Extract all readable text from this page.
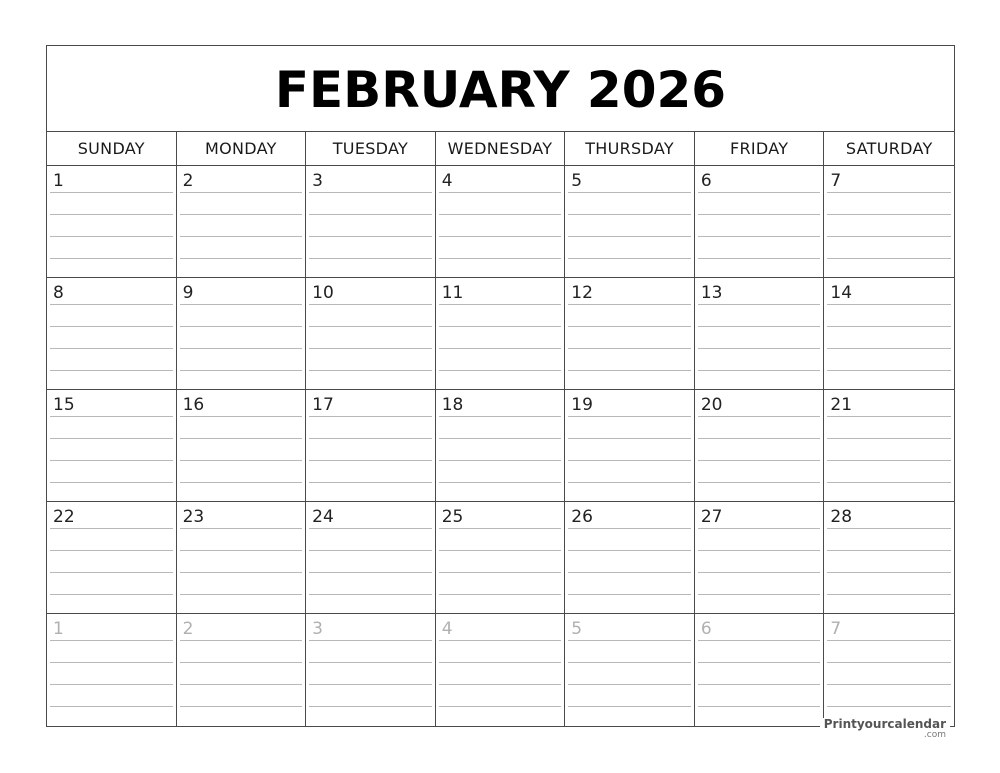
FEBRUARY 2026
SUNDAY	MONDAY	TUESDAY	WEDNESDAY	THURSDAY	FRIDAY	SATURDAY
1	2	3	4	5	6	7
8	9	10	11	12	13	14
15	16	17	18	19	20	21
22	23	24	25	26	27	28
1	2	3	4	5	6	7
Printyourcalendar
.com
